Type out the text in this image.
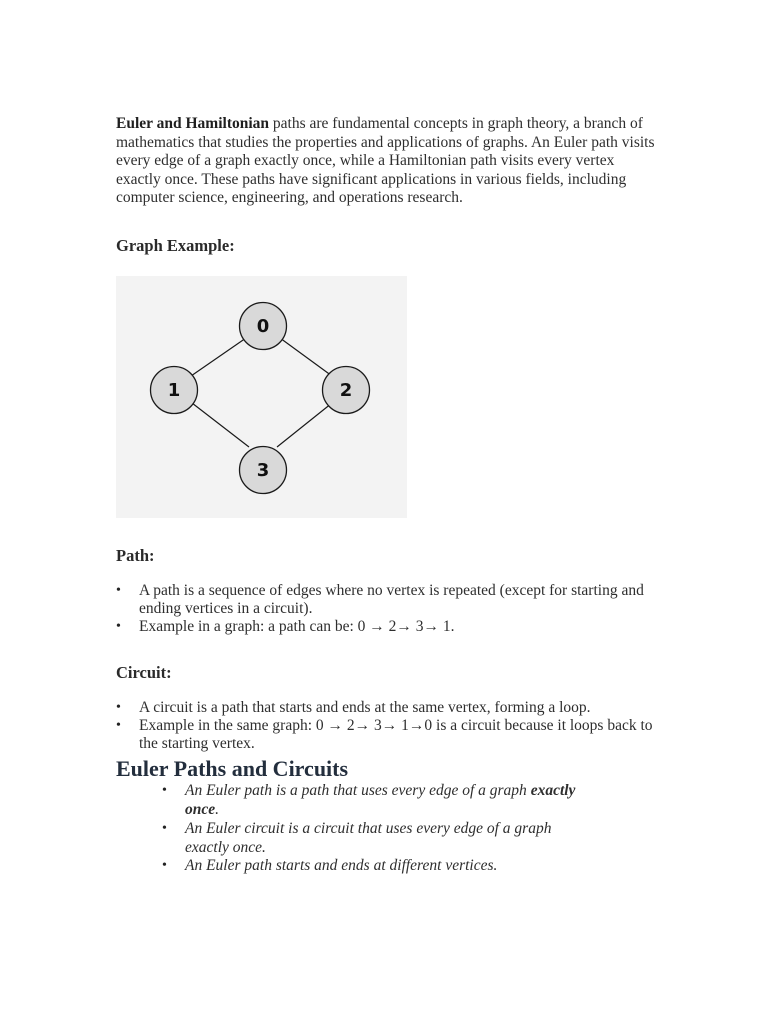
Euler and Hamiltonian paths are fundamental concepts in graph theory, a branch of mathematics that studies the properties and applications of graphs. An Euler path visits every edge of a graph exactly once, while a Hamiltonian path visits every vertex exactly once. These paths have significant applications in various fields, including computer science, engineering, and operations research.

Graph Example:
0
1	2
3
Path:
• A path is a sequence of edges where no vertex is repeated (except for starting and ending vertices in a circuit).
• Example in a graph: a path can be: 0 → 2→ 3→ 1.
Circuit:
• A circuit is a path that starts and ends at the same vertex, forming a loop.
• Example in the same graph: 0 → 2→ 3→ 1→0 is a circuit because it loops back to the starting vertex.
Euler Paths and Circuits
• An Euler path is a path that uses every edge of a graph exactly once.
• An Euler circuit is a circuit that uses every edge of a graph exactly once.
• An Euler path starts and ends at different vertices.
